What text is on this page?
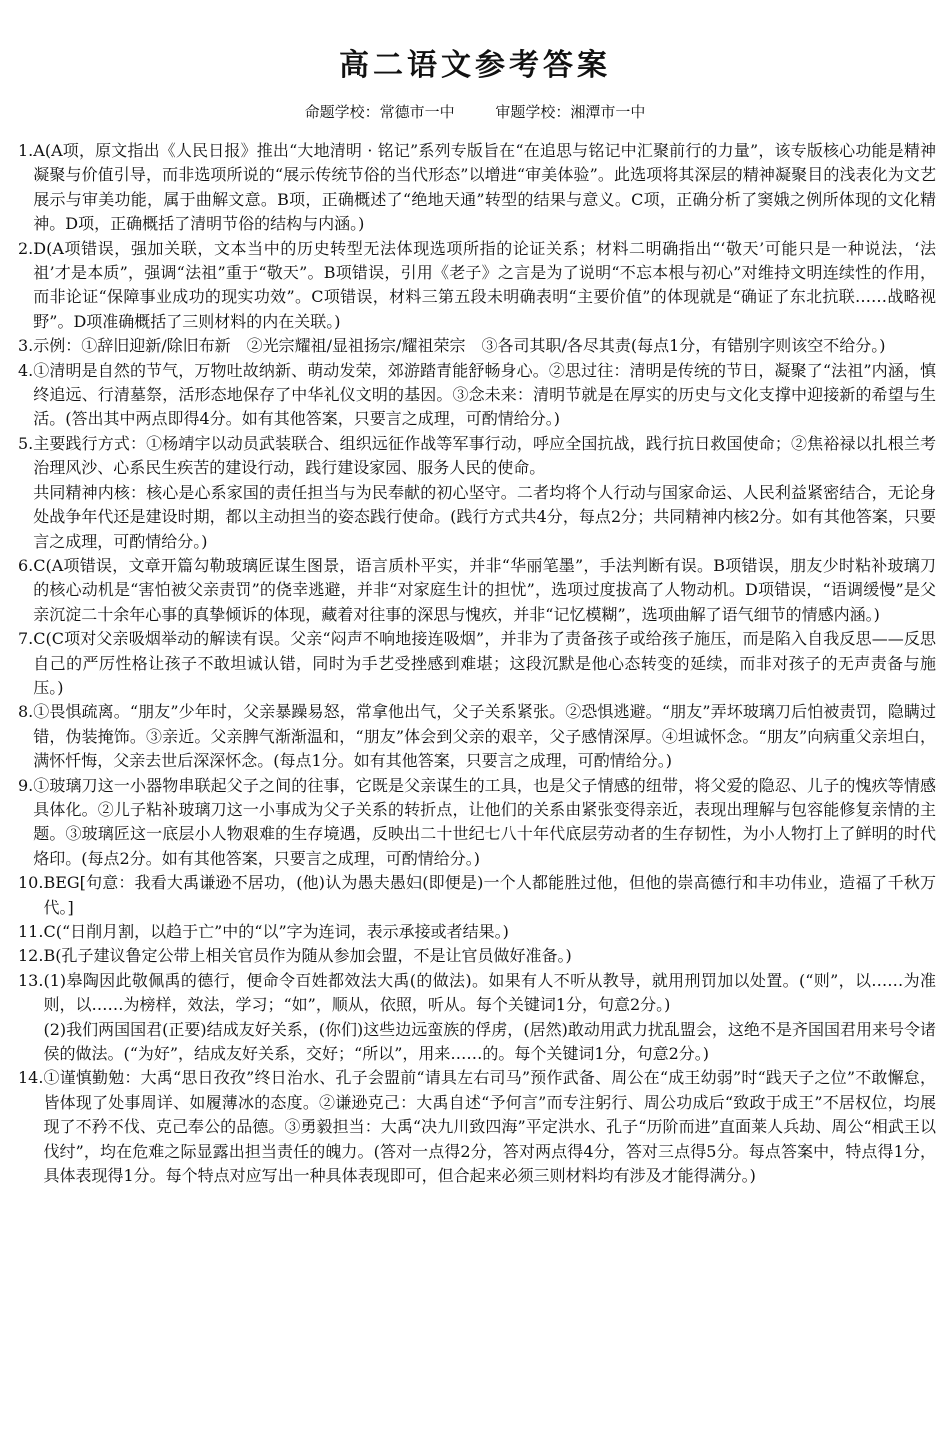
高二语文参考答案
命题学校：常德市一中	审题学校：湘潭市一中
1. A(A项，原文指出《人民日报》推出“大地清明 · 铭记”系列专版旨在“在追思与铭记中汇聚前行的力量”，该专版核心功能是精神凝聚与价值引导，而非选项所说的“展示传统节俗的当代形态”以增进“审美体验”。此选项将其深层的精神凝聚目的浅表化为文艺展示与审美功能，属于曲解文意。B项，正确概述了“绝地天通”转型的结果与意义。C项，正确分析了窦娥之例所体现的文化精神。D项，正确概括了清明节俗的结构与内涵。)

2. D(A项错误，强加关联，文本当中的历史转型无法体现选项所指的论证关系；材料二明确指出“‘敬天’可能只是一种说法，‘法祖’才是本质”，强调“法祖”重于“敬天”。B项错误，引用《老子》之言是为了说明“不忘本根与初心”对维持文明连续性的作用，而非论证“保障事业成功的现实功效”。C项错误，材料三第五段未明确表明“主要价值”的体现就是“确证了东北抗联……战略视野”。D项准确概括了三则材料的内在关联。)

3. 示例：①辞旧迎新/除旧布新　②光宗耀祖/显祖扬宗/耀祖荣宗　③各司其职/各尽其责(每点1分，有错别字则该空不给分。)

4. ①清明是自然的节气，万物吐故纳新、萌动发荣，郊游踏青能舒畅身心。②思过往：清明是传统的节日，凝聚了“法祖”内涵，慎终追远、行清墓祭，活形态地保存了中华礼仪文明的基因。③念未来：清明节就是在厚实的历史与文化支撑中迎接新的希望与生活。(答出其中两点即得4分。如有其他答案，只要言之成理，可酌情给分。)

5. 主要践行方式：①杨靖宇以动员武装联合、组织远征作战等军事行动，呼应全国抗战，践行抗日救国使命；②焦裕禄以扎根兰考治理风沙、心系民生疾苦的建设行动，践行建设家园、服务人民的使命。

共同精神内核：核心是心系家国的责任担当与为民奉献的初心坚守。二者均将个人行动与国家命运、人民利益紧密结合，无论身处战争年代还是建设时期，都以主动担当的姿态践行使命。(践行方式共4分，每点2分；共同精神内核2分。如有其他答案，只要言之成理，可酌情给分。)

6. C(A项错误，文章开篇勾勒玻璃匠谋生图景，语言质朴平实，并非“华丽笔墨”，手法判断有误。B项错误，朋友少时粘补玻璃刀的核心动机是“害怕被父亲责罚”的侥幸逃避，并非“对家庭生计的担忧”，选项过度拔高了人物动机。D项错误，“语调缓慢”是父亲沉淀二十余年心事的真挚倾诉的体现，藏着对往事的深思与愧疚，并非“记忆模糊”，选项曲解了语气细节的情感内涵。)

7. C(C项对父亲吸烟举动的解读有误。父亲“闷声不响地接连吸烟”，并非为了责备孩子或给孩子施压，而是陷入自我反思——反思自己的严厉性格让孩子不敢坦诚认错，同时为手艺受挫感到难堪；这段沉默是他心态转变的延续，而非对孩子的无声责备与施压。)

8. ①畏惧疏离。“朋友”少年时，父亲暴躁易怒，常拿他出气，父子关系紧张。②恐惧逃避。“朋友”弄坏玻璃刀后怕被责罚，隐瞒过错，伪装掩饰。③亲近。父亲脾气渐渐温和，“朋友”体会到父亲的艰辛，父子感情深厚。④坦诚怀念。“朋友”向病重父亲坦白，满怀忏悔，父亲去世后深深怀念。(每点1分。如有其他答案，只要言之成理，可酌情给分。)

9. ①玻璃刀这一小器物串联起父子之间的往事，它既是父亲谋生的工具，也是父子情感的纽带，将父爱的隐忍、儿子的愧疚等情感具体化。②儿子粘补玻璃刀这一小事成为父子关系的转折点，让他们的关系由紧张变得亲近，表现出理解与包容能修复亲情的主题。③玻璃匠这一底层小人物艰难的生存境遇，反映出二十世纪七八十年代底层劳动者的生存韧性，为小人物打上了鲜明的时代烙印。(每点2分。如有其他答案，只要言之成理，可酌情给分。)

10. BEG[句意：我看大禹谦逊不居功，(他)认为愚夫愚妇(即便是)一个人都能胜过他，但他的崇高德行和丰功伟业，造福了千秋万代。]

11. C(“日削月割，以趋于亡”中的“以”字为连词，表示承接或者结果。)

12. B(孔子建议鲁定公带上相关官员作为随从参加会盟，不是让官员做好准备。)

13. (1)皋陶因此敬佩禹的德行，便命令百姓都效法大禹(的做法)。如果有人不听从教导，就用刑罚加以处置。(“则”，以……为准则，以……为榜样，效法，学习；“如”，顺从，依照，听从。每个关键词1分，句意2分。)

(2)我们两国国君(正要)结成友好关系，(你们)这些边远蛮族的俘虏，(居然)敢动用武力扰乱盟会，这绝不是齐国国君用来号令诸侯的做法。(“为好”，结成友好关系，交好；“所以”，用来……的。每个关键词1分，句意2分。)

14. ①谨慎勤勉：大禹“思日孜孜”终日治水、孔子会盟前“请具左右司马”预作武备、周公在“成王幼弱”时“践天子之位”不敢懈怠，皆体现了处事周详、如履薄冰的态度。②谦逊克己：大禹自述“予何言”而专注躬行、周公功成后“致政于成王”不居权位，均展现了不矜不伐、克己奉公的品德。③勇毅担当：大禹“决九川致四海”平定洪水、孔子“历阶而进”直面莱人兵劫、周公“相武王以伐纣”，均在危难之际显露出担当责任的魄力。(答对一点得2分，答对两点得4分，答对三点得5分。每点答案中，特点得1分，具体表现得1分。每个特点对应写出一种具体表现即可，但合起来必须三则材料均有涉及才能得满分。)
